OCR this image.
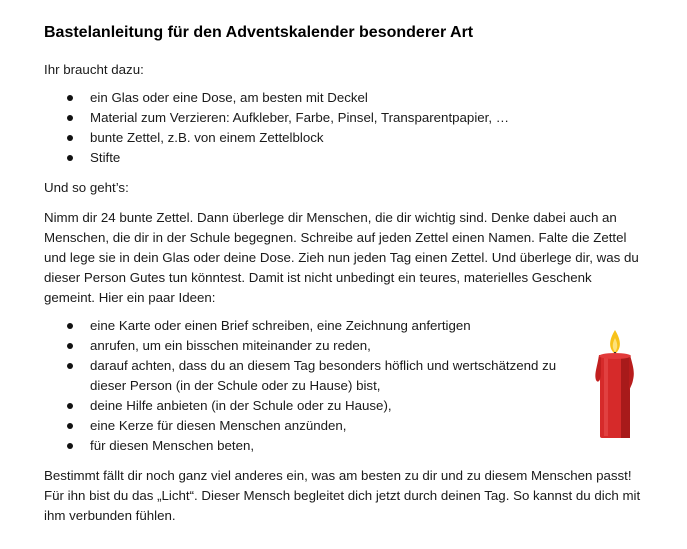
Bastelanleitung für den Adventskalender besonderer Art
Ihr braucht dazu:
ein Glas oder eine Dose, am besten mit Deckel
Material zum Verzieren: Aufkleber, Farbe, Pinsel, Transparentpapier, …
bunte Zettel, z.B. von einem Zettelblock
Stifte
Und so geht’s:
Nimm dir 24 bunte Zettel. Dann überlege dir Menschen, die dir wichtig sind. Denke dabei auch an
Menschen, die dir in der Schule begegnen. Schreibe auf jeden Zettel einen Namen. Falte die Zettel
und lege sie in dein Glas oder deine Dose. Zieh nun jeden Tag einen Zettel. Und überlege dir, was du
dieser Person Gutes tun könntest. Damit ist nicht unbedingt ein teures, materielles Geschenk
gemeint. Hier ein paar Ideen:
eine Karte oder einen Brief schreiben, eine Zeichnung anfertigen
anrufen, um ein bisschen miteinander zu reden,
darauf achten, dass du an diesem Tag besonders höflich und wertschätzend zu
dieser Person (in der Schule oder zu Hause) bist,
deine Hilfe anbieten (in der Schule oder zu Hause),
eine Kerze für diesen Menschen anzünden,
für diesen Menschen beten,
Bestimmt fällt dir noch ganz viel anderes ein, was am besten zu dir und zu diesem Menschen passt!
Für ihn bist du das „Licht“. Dieser Mensch begleitet dich jetzt durch deinen Tag. So kannst du dich mit
ihm verbunden fühlen.
